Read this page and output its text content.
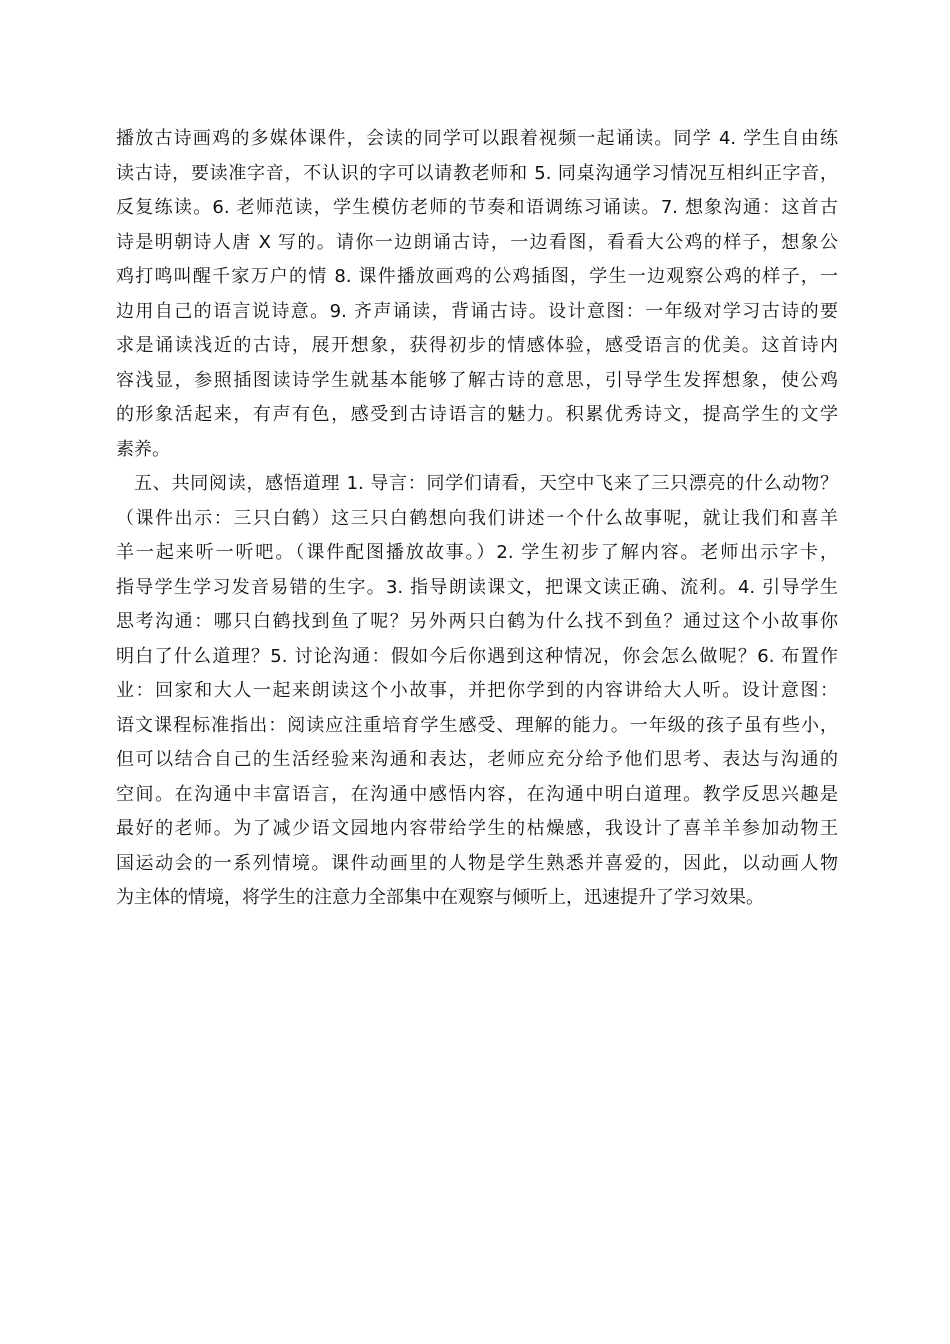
播放古诗画鸡的多媒体课件，会读的同学可以跟着视频一起诵读。同学 4. 学生自由练
读古诗，要读准字音，不认识的字可以请教老师和 5. 同桌沟通学习情况互相纠正字音，
反复练读。6. 老师范读，学生模仿老师的节奏和语调练习诵读。7. 想象沟通：这首古
诗是明朝诗人唐 X 写的。请你一边朗诵古诗，一边看图，看看大公鸡的样子，想象公
鸡打鸣叫醒千家万户的情 8. 课件播放画鸡的公鸡插图，学生一边观察公鸡的样子，一
边用自己的语言说诗意。9. 齐声诵读，背诵古诗。设计意图：一年级对学习古诗的要
求是诵读浅近的古诗，展开想象，获得初步的情感体验，感受语言的优美。这首诗内
容浅显，参照插图读诗学生就基本能够了解古诗的意思，引导学生发挥想象，使公鸡
的形象活起来，有声有色，感受到古诗语言的魅力。积累优秀诗文，提高学生的文学
素养。
五、共同阅读，感悟道理 1. 导言：同学们请看，天空中飞来了三只漂亮的什么动物？
（课件出示：三只白鹤）这三只白鹤想向我们讲述一个什么故事呢，就让我们和喜羊
羊一起来听一听吧。（课件配图播放故事。）2. 学生初步了解内容。老师出示字卡，
指导学生学习发音易错的生字。3. 指导朗读课文，把课文读正确、流利。4. 引导学生
思考沟通：哪只白鹤找到鱼了呢？另外两只白鹤为什么找不到鱼？通过这个小故事你
明白了什么道理？5. 讨论沟通：假如今后你遇到这种情况，你会怎么做呢？6. 布置作
业：回家和大人一起来朗读这个小故事，并把你学到的内容讲给大人听。设计意图：
语文课程标准指出：阅读应注重培育学生感受、理解的能力。一年级的孩子虽有些小，
但可以结合自己的生活经验来沟通和表达，老师应充分给予他们思考、表达与沟通的
空间。在沟通中丰富语言，在沟通中感悟内容，在沟通中明白道理。教学反思兴趣是
最好的老师。为了减少语文园地内容带给学生的枯燥感，我设计了喜羊羊参加动物王
国运动会的一系列情境。课件动画里的人物是学生熟悉并喜爱的，因此，以动画人物
为主体的情境，将学生的注意力全部集中在观察与倾听上，迅速提升了学习效果。
